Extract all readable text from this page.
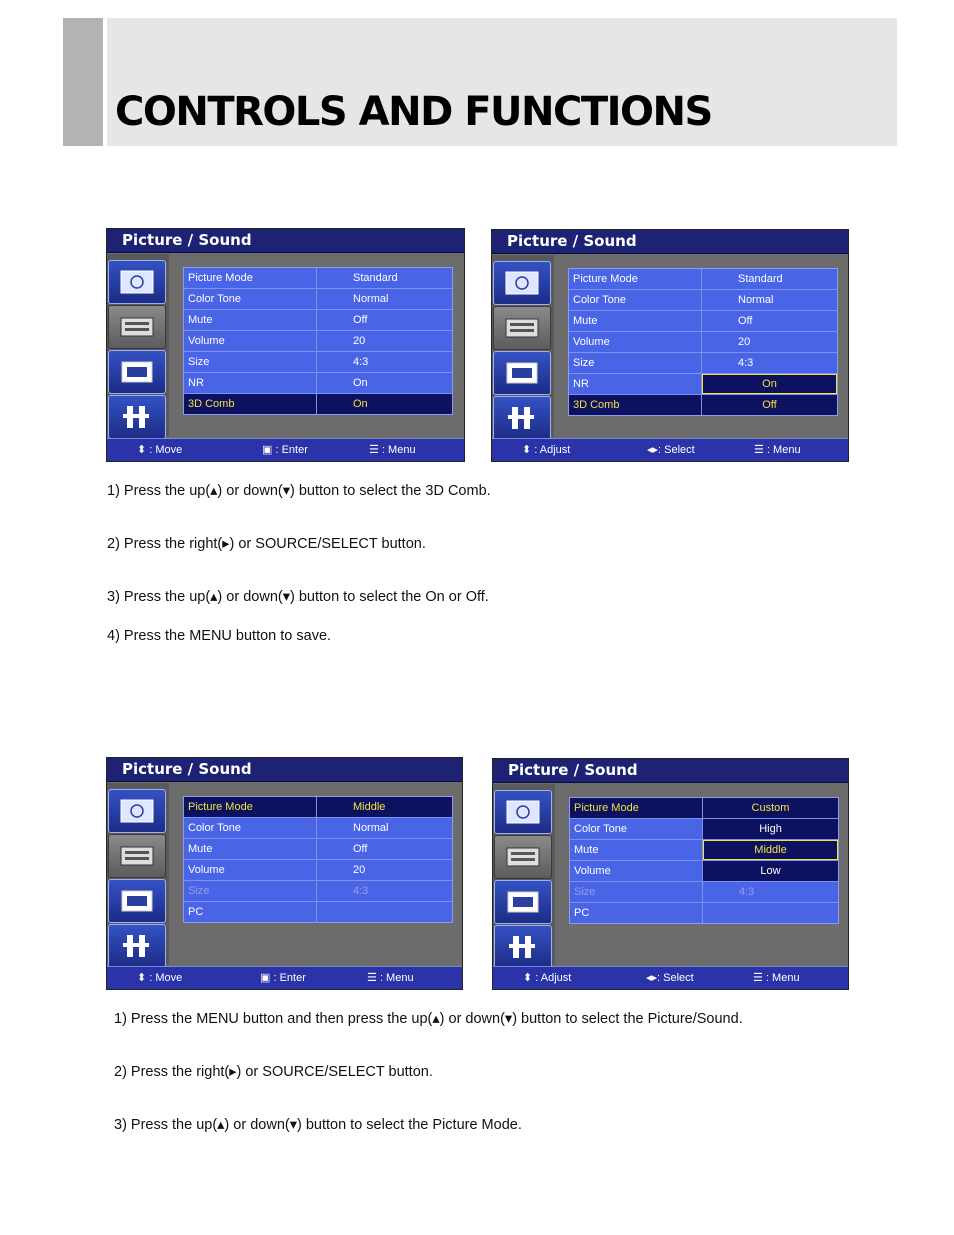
CONTROLS AND FUNCTIONS
Picture / Sound
Picture Mode	Standard
Color Tone	Normal
Mute	Off
Volume	20
Size	4:3
NR	On
3D Comb	On
⬍ : Move	▣ : Enter	☰ : Menu
Picture / Sound
Picture Mode	Standard
Color Tone	Normal
Mute	Off
Volume	20
Size	4:3
NR	On
3D Comb	Off
⬍ : Adjust	◂▸: Select	☰ : Menu
1) Press the up(▴) or down(▾) button to select the 3D Comb.
2) Press the right(▸) or SOURCE/SELECT button.
3) Press the up(▴) or down(▾) button to select the On or Off.
4) Press the MENU button to save.
Picture / Sound
Picture Mode	Middle
Color Tone	Normal
Mute	Off
Volume	20
Size	4:3
PC
⬍ : Move	▣ : Enter	☰ : Menu
Picture / Sound
Picture Mode	Custom
Color Tone	High
Mute	Middle
Volume	Low
Size	4:3
PC
⬍ : Adjust	◂▸: Select	☰ : Menu
1) Press the MENU button and then press the up(▴) or down(▾) button to select the Picture/Sound.
2) Press the right(▸) or SOURCE/SELECT button.
3) Press the up(▴) or down(▾) button to select the Picture Mode.
